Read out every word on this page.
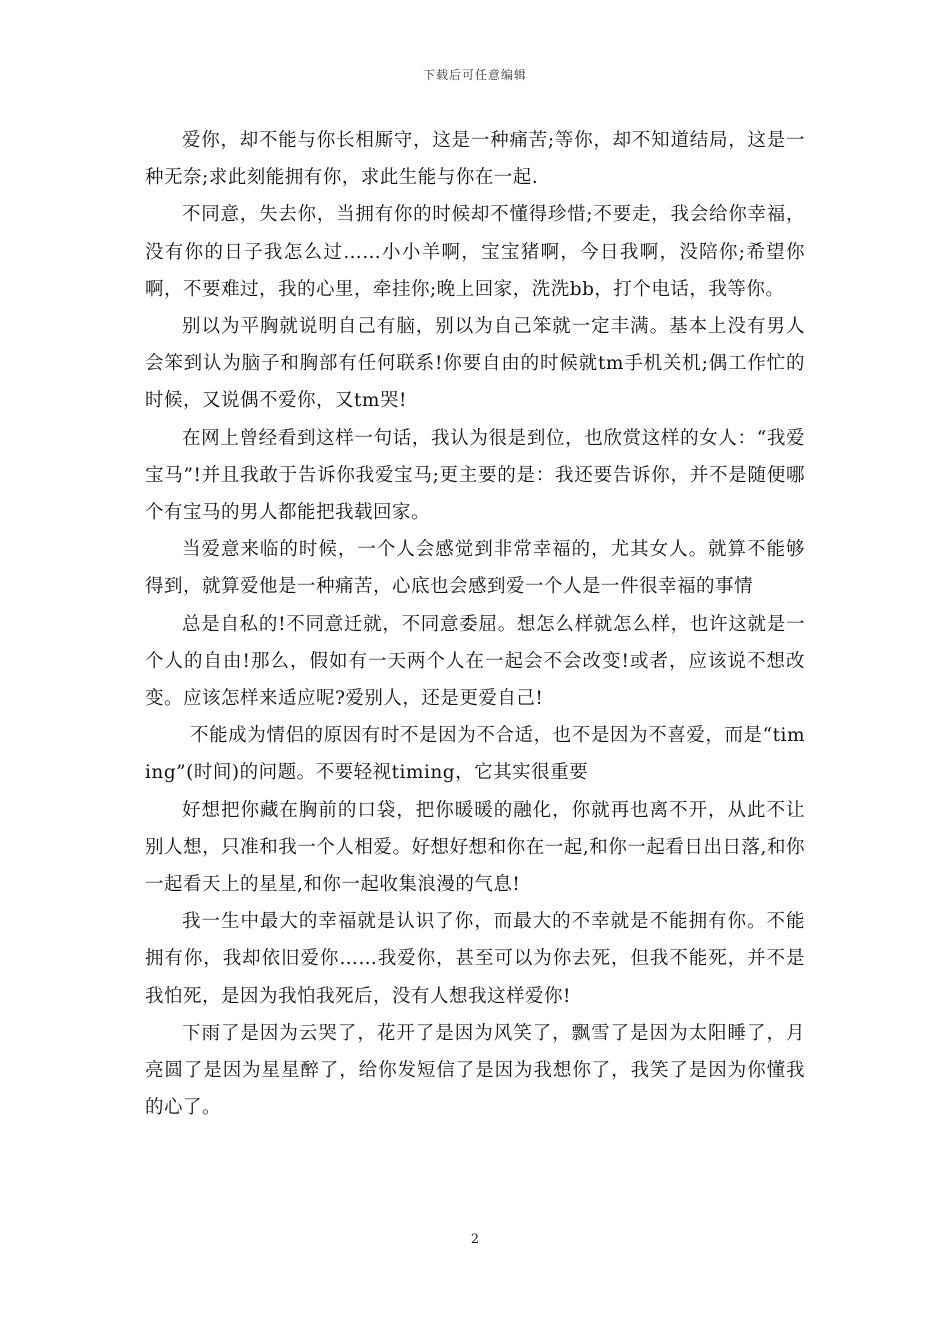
下载后可任意编辑

爱你，却不能与你长相厮守，这是一种痛苦;等你，却不知道结局，这是一种无奈;求此刻能拥有你，求此生能与你在一起.

不同意，失去你，当拥有你的时候却不懂得珍惜;不要走，我会给你幸福，没有你的日子我怎么过……小小羊啊，宝宝猪啊，今日我啊，没陪你;希望你啊，不要难过，我的心里，牵挂你;晚上回家，洗洗bb，打个电话，我等你。

别以为平胸就说明自己有脑，别以为自己笨就一定丰满。基本上没有男人会笨到认为脑子和胸部有任何联系!你要自由的时候就tm手机关机;偶工作忙的时候，又说偶不爱你，又tm哭!

在网上曾经看到这样一句话，我认为很是到位，也欣赏这样的女人：“我爱宝马”!并且我敢于告诉你我爱宝马;更主要的是：我还要告诉你，并不是随便哪个有宝马的男人都能把我载回家。

当爱意来临的时候，一个人会感觉到非常幸福的，尤其女人。就算不能够得到，就算爱他是一种痛苦，心底也会感到爱一个人是一件很幸福的事情

总是自私的!不同意迁就，不同意委屈。想怎么样就怎么样，也许这就是一个人的自由!那么，假如有一天两个人在一起会不会改变!或者，应该说不想改变。应该怎样来适应呢?爱别人，还是更爱自己!

不能成为情侣的原因有时不是因为不合适，也不是因为不喜爱，而是“timing”(时间)的问题。不要轻视timing，它其实很重要

好想把你藏在胸前的口袋，把你暖暖的融化，你就再也离不开，从此不让别人想，只准和我一个人相爱。好想好想和你在一起,和你一起看日出日落,和你一起看天上的星星,和你一起收集浪漫的气息!

我一生中最大的幸福就是认识了你，而最大的不幸就是不能拥有你。不能拥有你，我却依旧爱你……我爱你，甚至可以为你去死，但我不能死，并不是我怕死，是因为我怕我死后，没有人想我这样爱你!

下雨了是因为云哭了，花开了是因为风笑了，飘雪了是因为太阳睡了，月亮圆了是因为星星醉了，给你发短信了是因为我想你了，我笑了是因为你懂我的心了。

2
